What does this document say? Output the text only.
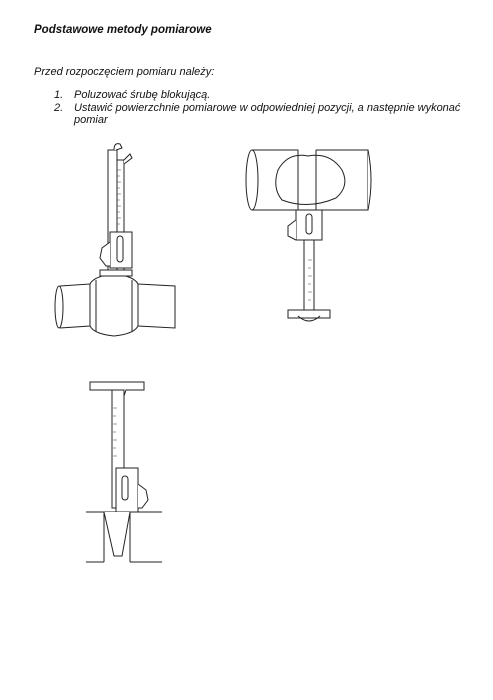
Podstawowe metody pomiarowe
Przed rozpoczęciem pomiaru należy:
1. Poluzować śrubę blokującą.
2. Ustawić powierzchnie pomiarowe w odpowiedniej pozycji, a następnie wykonać pomiar
